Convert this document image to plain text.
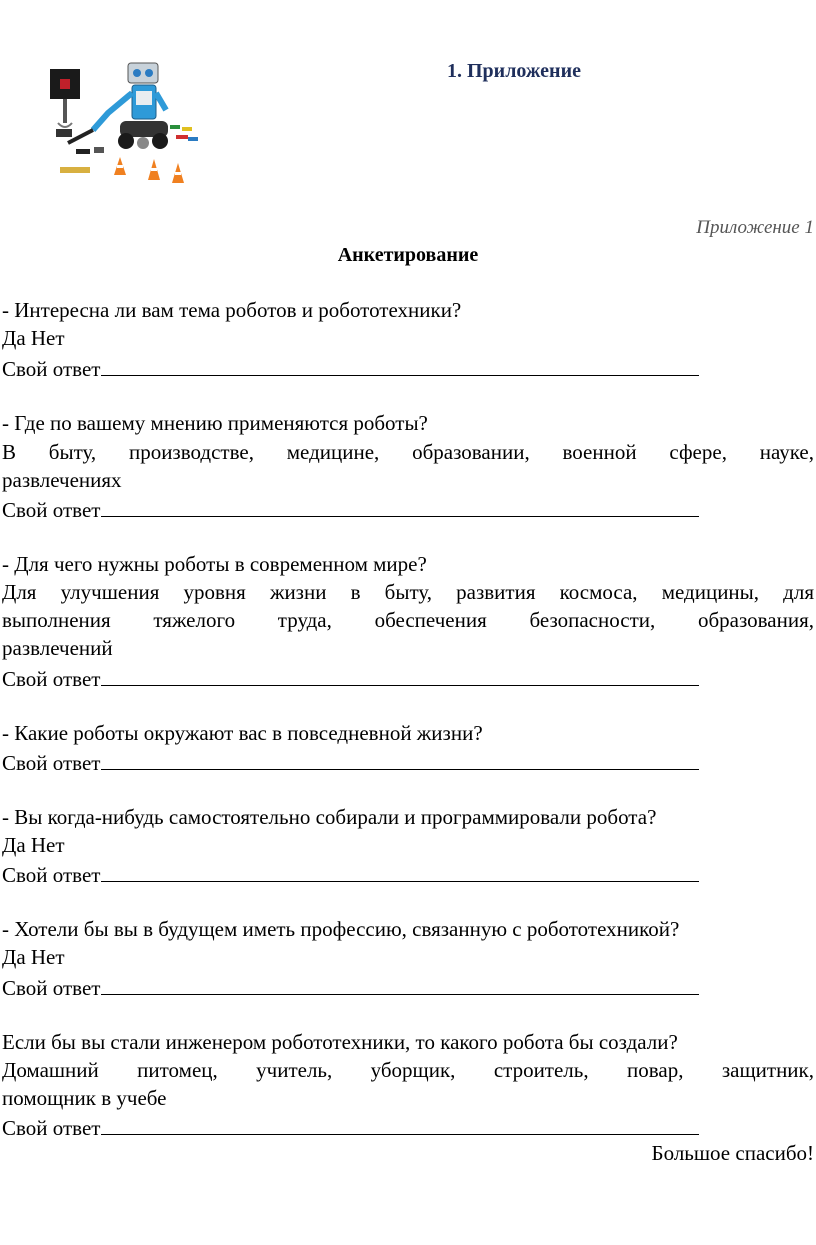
1. Приложение
Приложение 1
Анкетирование
- Интересна ли вам тема роботов и робототехники?
Да Нет
Свой ответ
- Где по вашему мнению применяются роботы?
В быту, производстве, медицине, образовании, военной сфере, науке,
развлечениях
Свой ответ
- Для чего нужны роботы в современном мире?
Для улучшения уровня жизни в быту, развития космоса, медицины, для
выполнения тяжелого труда, обеспечения безопасности, образования,
развлечений
Свой ответ
- Какие роботы окружают вас в повседневной жизни?
Свой ответ
- Вы когда-нибудь самостоятельно собирали и программировали робота?
Да Нет
Свой ответ
- Хотели бы вы в будущем иметь профессию, связанную с робототехникой?
Да Нет
Свой ответ
Если бы вы стали инженером робототехники, то какого робота бы создали?
Домашний питомец, учитель, уборщик, строитель, повар, защитник,
помощник в учебе
Свой ответ
Большое спасибо!
